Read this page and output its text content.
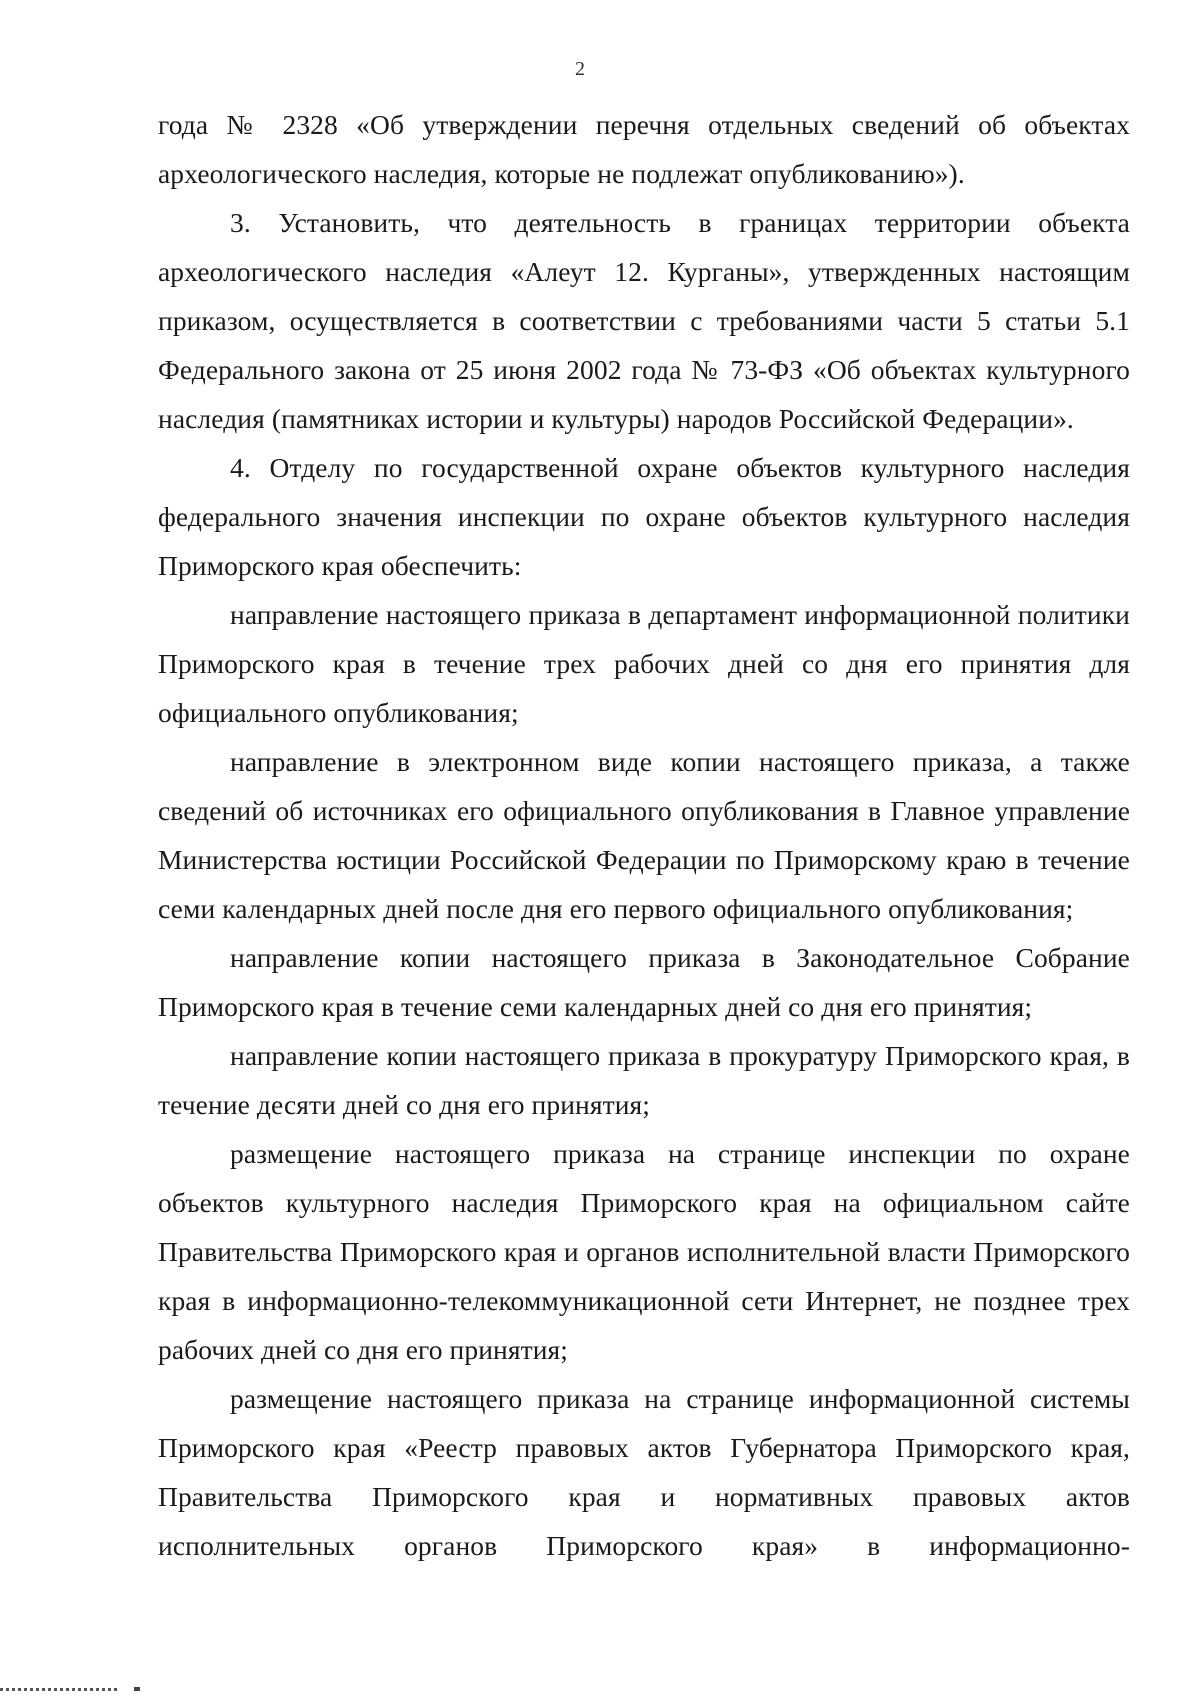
2

года № 2328 «Об утверждении перечня отдельных сведений об объектах археологического наследия, которые не подлежат опубликованию»).

3. Установить, что деятельность в границах территории объекта археологического наследия «Алеут 12. Курганы», утвержденных настоящим приказом, осуществляется в соответствии с требованиями части 5 статьи 5.1 Федерального закона от 25 июня 2002 года № 73-ФЗ «Об объектах культурного наследия (памятниках истории и культуры) народов Российской Федерации».

4. Отделу по государственной охране объектов культурного наследия федерального значения инспекции по охране объектов культурного наследия Приморского края обеспечить:

направление настоящего приказа в департамент информационной политики Приморского края в течение трех рабочих дней со дня его принятия для официального опубликования;

направление в электронном виде копии настоящего приказа, а также сведений об источниках его официального опубликования в Главное управление Министерства юстиции Российской Федерации по Приморскому краю в течение семи календарных дней после дня его первого официального опубликования;

направление копии настоящего приказа в Законодательное Собрание Приморского края в течение семи календарных дней со дня его принятия;

направление копии настоящего приказа в прокуратуру Приморского края, в течение десяти дней со дня его принятия;

размещение настоящего приказа на странице инспекции по охране объектов культурного наследия Приморского края на официальном сайте Правительства Приморского края и органов исполнительной власти Приморского края в информационно-телекоммуникационной сети Интернет, не позднее трех рабочих дней со дня его принятия;

размещение настоящего приказа на странице информационной системы Приморского края «Реестр правовых актов Губернатора Приморского края, Правительства Приморского края и нормативных правовых актов исполнительных органов Приморского края» в информационно-
